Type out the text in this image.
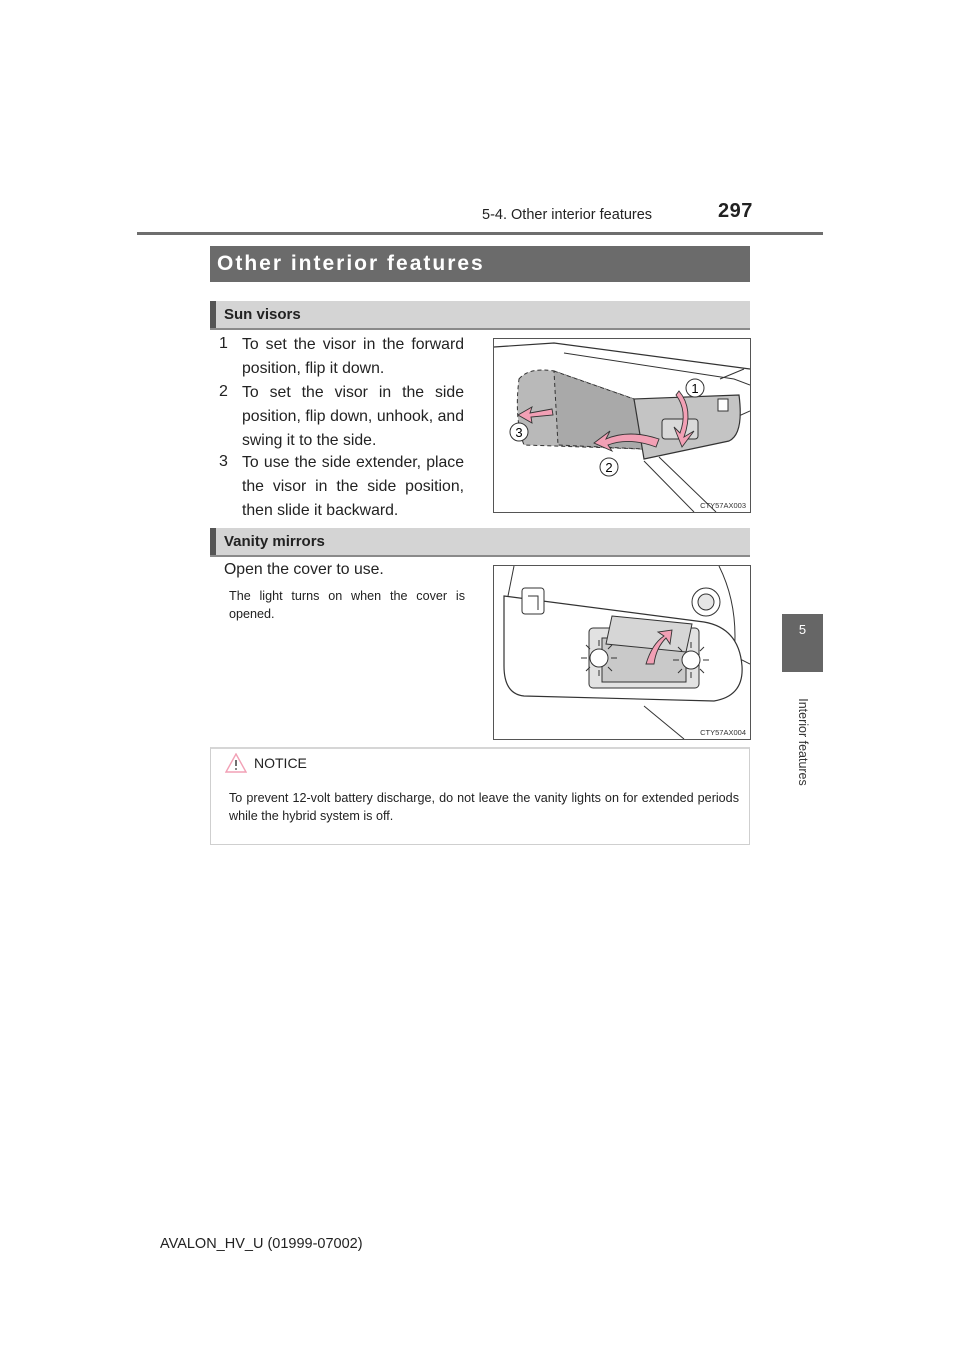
5-4. Other interior features	297
5
Interior features
Other interior features
Sun visors
1 To set the visor in the forward position, flip it down.
2 To set the visor in the side position, flip down, unhook, and swing it to the side.
3 To use the side extender, place the visor in the side position, then slide it backward.
1
2
3
CTY57AX003
Vanity mirrors
Open the cover to use.
The light turns on when the cover is opened.
CTY57AX004
NOTICE
To prevent 12-volt battery discharge, do not leave the vanity lights on for extended periods while the hybrid system is off.
AVALON_HV_U (01999-07002)
